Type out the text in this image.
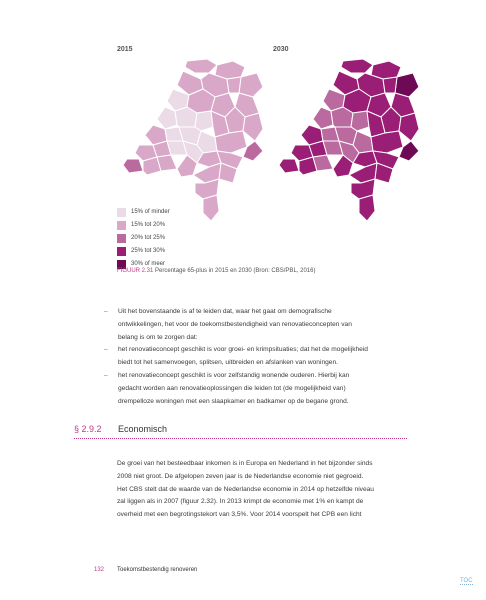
2015	2030
15% of minder
15% tot 20%
20% tot 25%
25% tot 30%
30% of meer
FIGUUR 2.31 Percentage 65-plus in 2015 en 2030 (Bron: CBS/PBL, 2016)
–	Uit het bovenstaande is af te leiden dat, waar het gaat om demografische
ontwikkelingen, het voor de toekomstbestendigheid van renovatieconcepten van
belang is om te zorgen dat:
–	het renovatieconcept geschikt is voor groei- en krimpsituaties; dat het de mogelijkheid
biedt tot het samenvoegen, splitsen, uitbreiden en afslanken van woningen.
–	het renovatieconcept geschikt is voor zelfstandig wonende ouderen. Hierbij kan
gedacht worden aan renovatieoplossingen die leiden tot (de mogelijkheid van)
drempelloze woningen met een slaapkamer en badkamer op de begane grond.
§ 2.9.2 Economisch
De groei van het besteedbaar inkomen is in Europa en Nederland in het bijzonder sinds
2008 niet groot. De afgelopen zeven jaar is de Nederlandse economie niet gegroeid.
Het CBS stelt dat de waarde van de Nederlandse economie in 2014 op hetzelfde niveau
zal liggen als in 2007 (figuur 2.32). In 2013 krimpt de economie met 1% en kampt de
overheid met een begrotingstekort van 3,5%. Voor 2014 voorspelt het CPB een licht
132 Toekomstbestendig renoveren
TOC
